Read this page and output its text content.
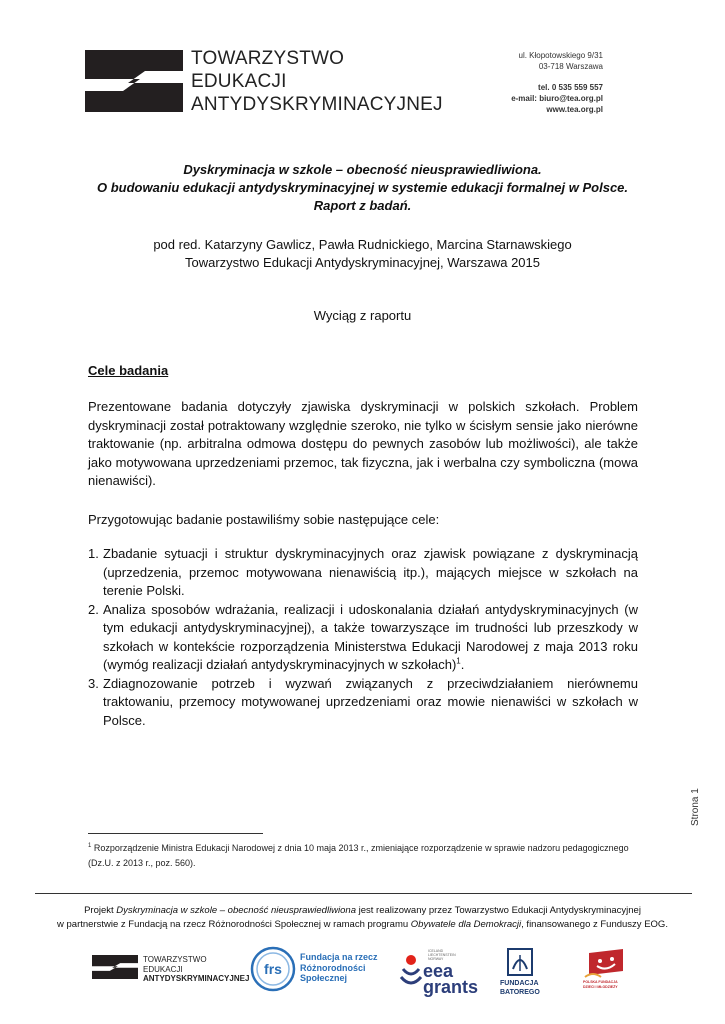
TOWARZYSTWO
EDUKACJI
ANTYDYSKRYMINACYJNEJ
ul. Kłopotowskiego 9/31
03-718 Warszawa
tel. 0 535 559 557
e-mail: biuro@tea.org.pl
www.tea.org.pl
Dyskryminacja w szkole – obecność nieusprawiedliwiona.
O budowaniu edukacji antydyskryminacyjnej w systemie edukacji formalnej w Polsce.
Raport z badań.
pod red. Katarzyny Gawlicz, Pawła Rudnickiego, Marcina Starnawskiego
Towarzystwo Edukacji Antydyskryminacyjnej, Warszawa 2015
Wyciąg z raportu
Cele badania
Prezentowane badania dotyczyły zjawiska dyskryminacji w polskich szkołach. Problem dyskryminacji został potraktowany względnie szeroko, nie tylko w ścisłym sensie jako nierówne traktowanie (np. arbitralna odmowa dostępu do pewnych zasobów lub możliwości), ale także jako motywowana uprzedzeniami przemoc, tak fizyczna, jak i werbalna czy symboliczna (mowa nienawiści).
Przygotowując badanie postawiliśmy sobie następujące cele:
1. Zbadanie sytuacji i struktur dyskryminacyjnych oraz zjawisk powiązane z dyskryminacją (uprzedzenia, przemoc motywowana nienawiścią itp.), mających miejsce w szkołach na terenie Polski.
2. Analiza sposobów wdrażania, realizacji i udoskonalania działań antydyskryminacyjnych (w tym edukacji antydyskryminacyjnej), a także towarzyszące im trudności lub przeszkody w szkołach w kontekście rozporządzenia Ministerstwa Edukacji Narodowej z maja 2013 roku (wymóg realizacji działań antydyskryminacyjnych w szkołach)$^1$.
3. Zdiagnozowanie potrzeb i wyzwań związanych z przeciwdziałaniem nierównemu traktowaniu, przemocy motywowanej uprzedzeniami oraz mowie nienawiści w szkołach w Polsce.
Strona 1
$^1$ Rozporządzenie Ministra Edukacji Narodowej z dnia 10 maja 2013 r., zmieniające rozporządzenie w sprawie nadzoru pedagogicznego (Dz.U. z 2013 r., poz. 560).
Projekt Dyskryminacja w szkole – obecność nieusprawiedliwiona jest realizowany przez Towarzystwo Edukacji Antydyskryminacyjnej
w partnerstwie z Fundacją na rzecz Różnorodności Społecznej w ramach programu Obywatele dla Demokracji, finansowanego z Funduszy EOG.
TOWARZYSTWO
EDUKACJI
ANTYDYSKRYMINACYJNEJ
frs
Fundacja na rzecz
Różnorodności
Społecznej
ICELAND
LIECHTENSTEIN
NORWAY
eea
grants	FUNDACJA
BATOREGO
POLSKA FUNDACJA
DZIECI I MŁODZIEŻY
